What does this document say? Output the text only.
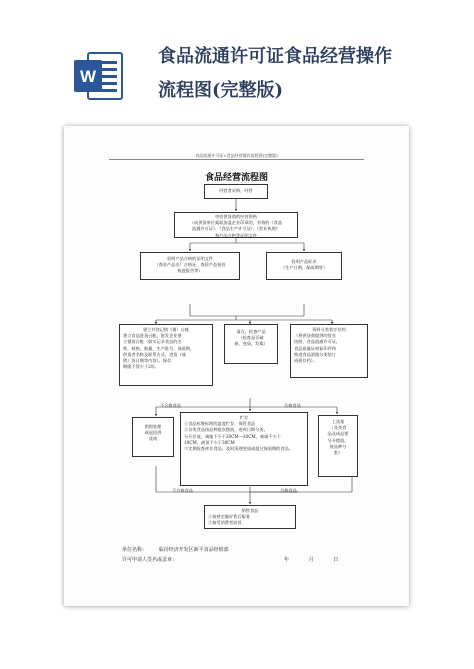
W
食品流通许可证食品经营操作
流程图(完整版)
食品流通许可证+食品经营操作流程图(完整版)
食品经营流程图
经营者采购，经营
审验供货商的经营资格
（向供货单位索取加盖企业印章的，有效的《食品
流通许可证》、《食品生产许可证》、《营业执照》
和产品合格等证明文件
验明产品合格的证明文件
（查验产品出厂合格证，查验产品检验
检疫报告等）
验明产品标识
（生产日期，保质期等）
建立并登记购（销）台帐
建立食品进货台帐，批发企业建
立销货台帐（如实记录食品的名
称，规格，数量，生产批号，保质期，
供货者名称及联系方式，进货（或
销）货日期等内容）。保存
期限不得少于2年。
清点，检查产品
（检查是否破
损，变质，发霉）
资料分类装订存档
（将供货商提供的营业
执照，食品流通许可证，
食品质量证明复印件和
购进食品票据分类装订
成册存档）。
不合格食品	合格食品
销毁处理
或退回供
货商
贮存
①食品标签标明的温度贮存，保管食品
②各类食品按品种批次摆放，进库日期分类，
分开存放，离地不少于20CM—30CM，离墙不少于
10CM，离顶不少于30CM
③定期检查库存食品，及时清理变质或超过保质期的食品。
上货架
（各类食
品及成品要
分开摆放，
按品种分
类）
不合格食品	合格食品
销售食品
①按规定做好售后服务
②接受消费者投诉
单位名称： 临汾经济开发区新平食品经销部
许可申请人签名或盖章：	年	月	日
